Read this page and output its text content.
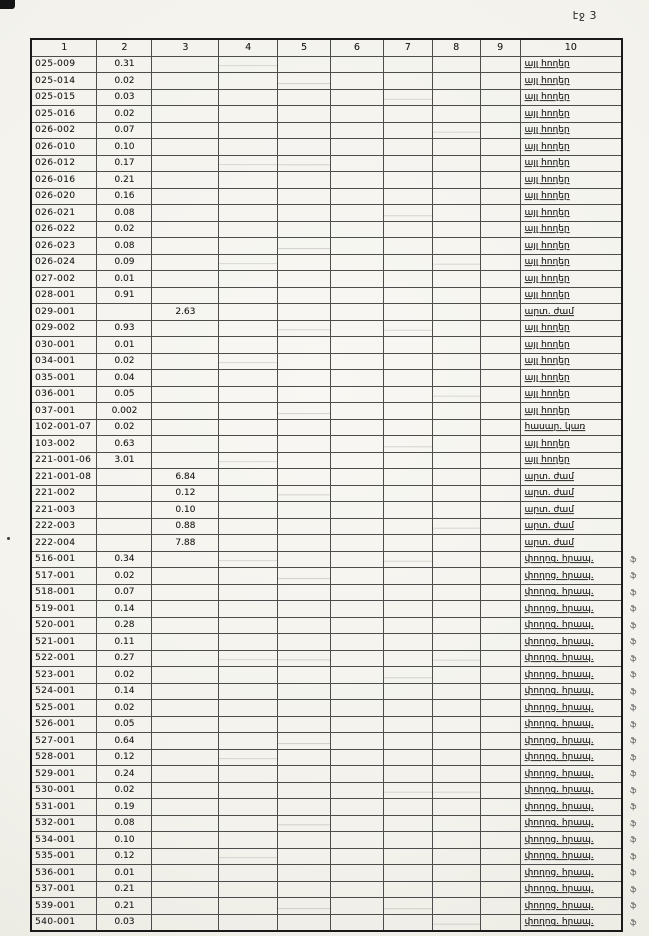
էջ 3
1	2	3	4	5	6	7	8	9	10	
025-009	0.31								այլ հողեր	
025-014	0.02								այլ հողեր	
025-015	0.03								այլ հողեր	
025-016	0.02								այլ հողեր	
026-002	0.07								այլ հողեր	
026-010	0.10								այլ հողեր	
026-012	0.17								այլ հողեր	
026-016	0.21								այլ հողեր	
026-020	0.16								այլ հողեր	
026-021	0.08								այլ հողեր	
026-022	0.02								այլ հողեր	
026-023	0.08								այլ հողեր	
026-024	0.09								այլ հողեր	
027-002	0.01								այլ հողեր	
028-001	0.91								այլ հողեր	
029-001		2.63							արտ. ժամ	
029-002	0.93								այլ հողեր	
030-001	0.01								այլ հողեր	
034-001	0.02								այլ հողեր	
035-001	0.04								այլ հողեր	
036-001	0.05								այլ հողեր	
037-001	0.002								այլ հողեր	
102-001-07	0.02								հասար. կառ	
103-002	0.63								այլ հողեր	
221-001-06	3.01								այլ հողեր	
221-001-08		6.84							արտ. ժամ	
221-002		0.12							արտ. ժամ	
221-003		0.10							արտ. ժամ	
222-003		0.88							արտ. ժամ	
222-004		7.88							արտ. ժամ	
516-001	0.34								փողոց. հրապ.	ֆ
517-001	0.02								փողոց. հրապ.	ֆ
518-001	0.07								փողոց. հրապ.	ֆ
519-001	0.14								փողոց. հրապ.	ֆ
520-001	0.28								փողոց. հրապ.	ֆ
521-001	0.11								փողոց. հրապ.	ֆ
522-001	0.27								փողոց. հրապ.	ֆ
523-001	0.02								փողոց. հրապ.	ֆ
524-001	0.14								փողոց. հրապ.	ֆ
525-001	0.02								փողոց. հրապ.	ֆ
526-001	0.05								փողոց. հրապ.	ֆ
527-001	0.64								փողոց. հրապ.	ֆ
528-001	0.12								փողոց. հրապ.	ֆ
529-001	0.24								փողոց. հրապ.	ֆ
530-001	0.02								փողոց. հրապ.	ֆ
531-001	0.19								փողոց. հրապ.	ֆ
532-001	0.08								փողոց. հրապ.	ֆ
534-001	0.10								փողոց. հրապ.	ֆ
535-001	0.12								փողոց. հրապ.	ֆ
536-001	0.01								փողոց. հրապ.	ֆ
537-001	0.21								փողոց. հրապ.	ֆ
539-001	0.21								փողոց. հրապ.	ֆ
540-001	0.03								փողոց. հրապ.	ֆ
